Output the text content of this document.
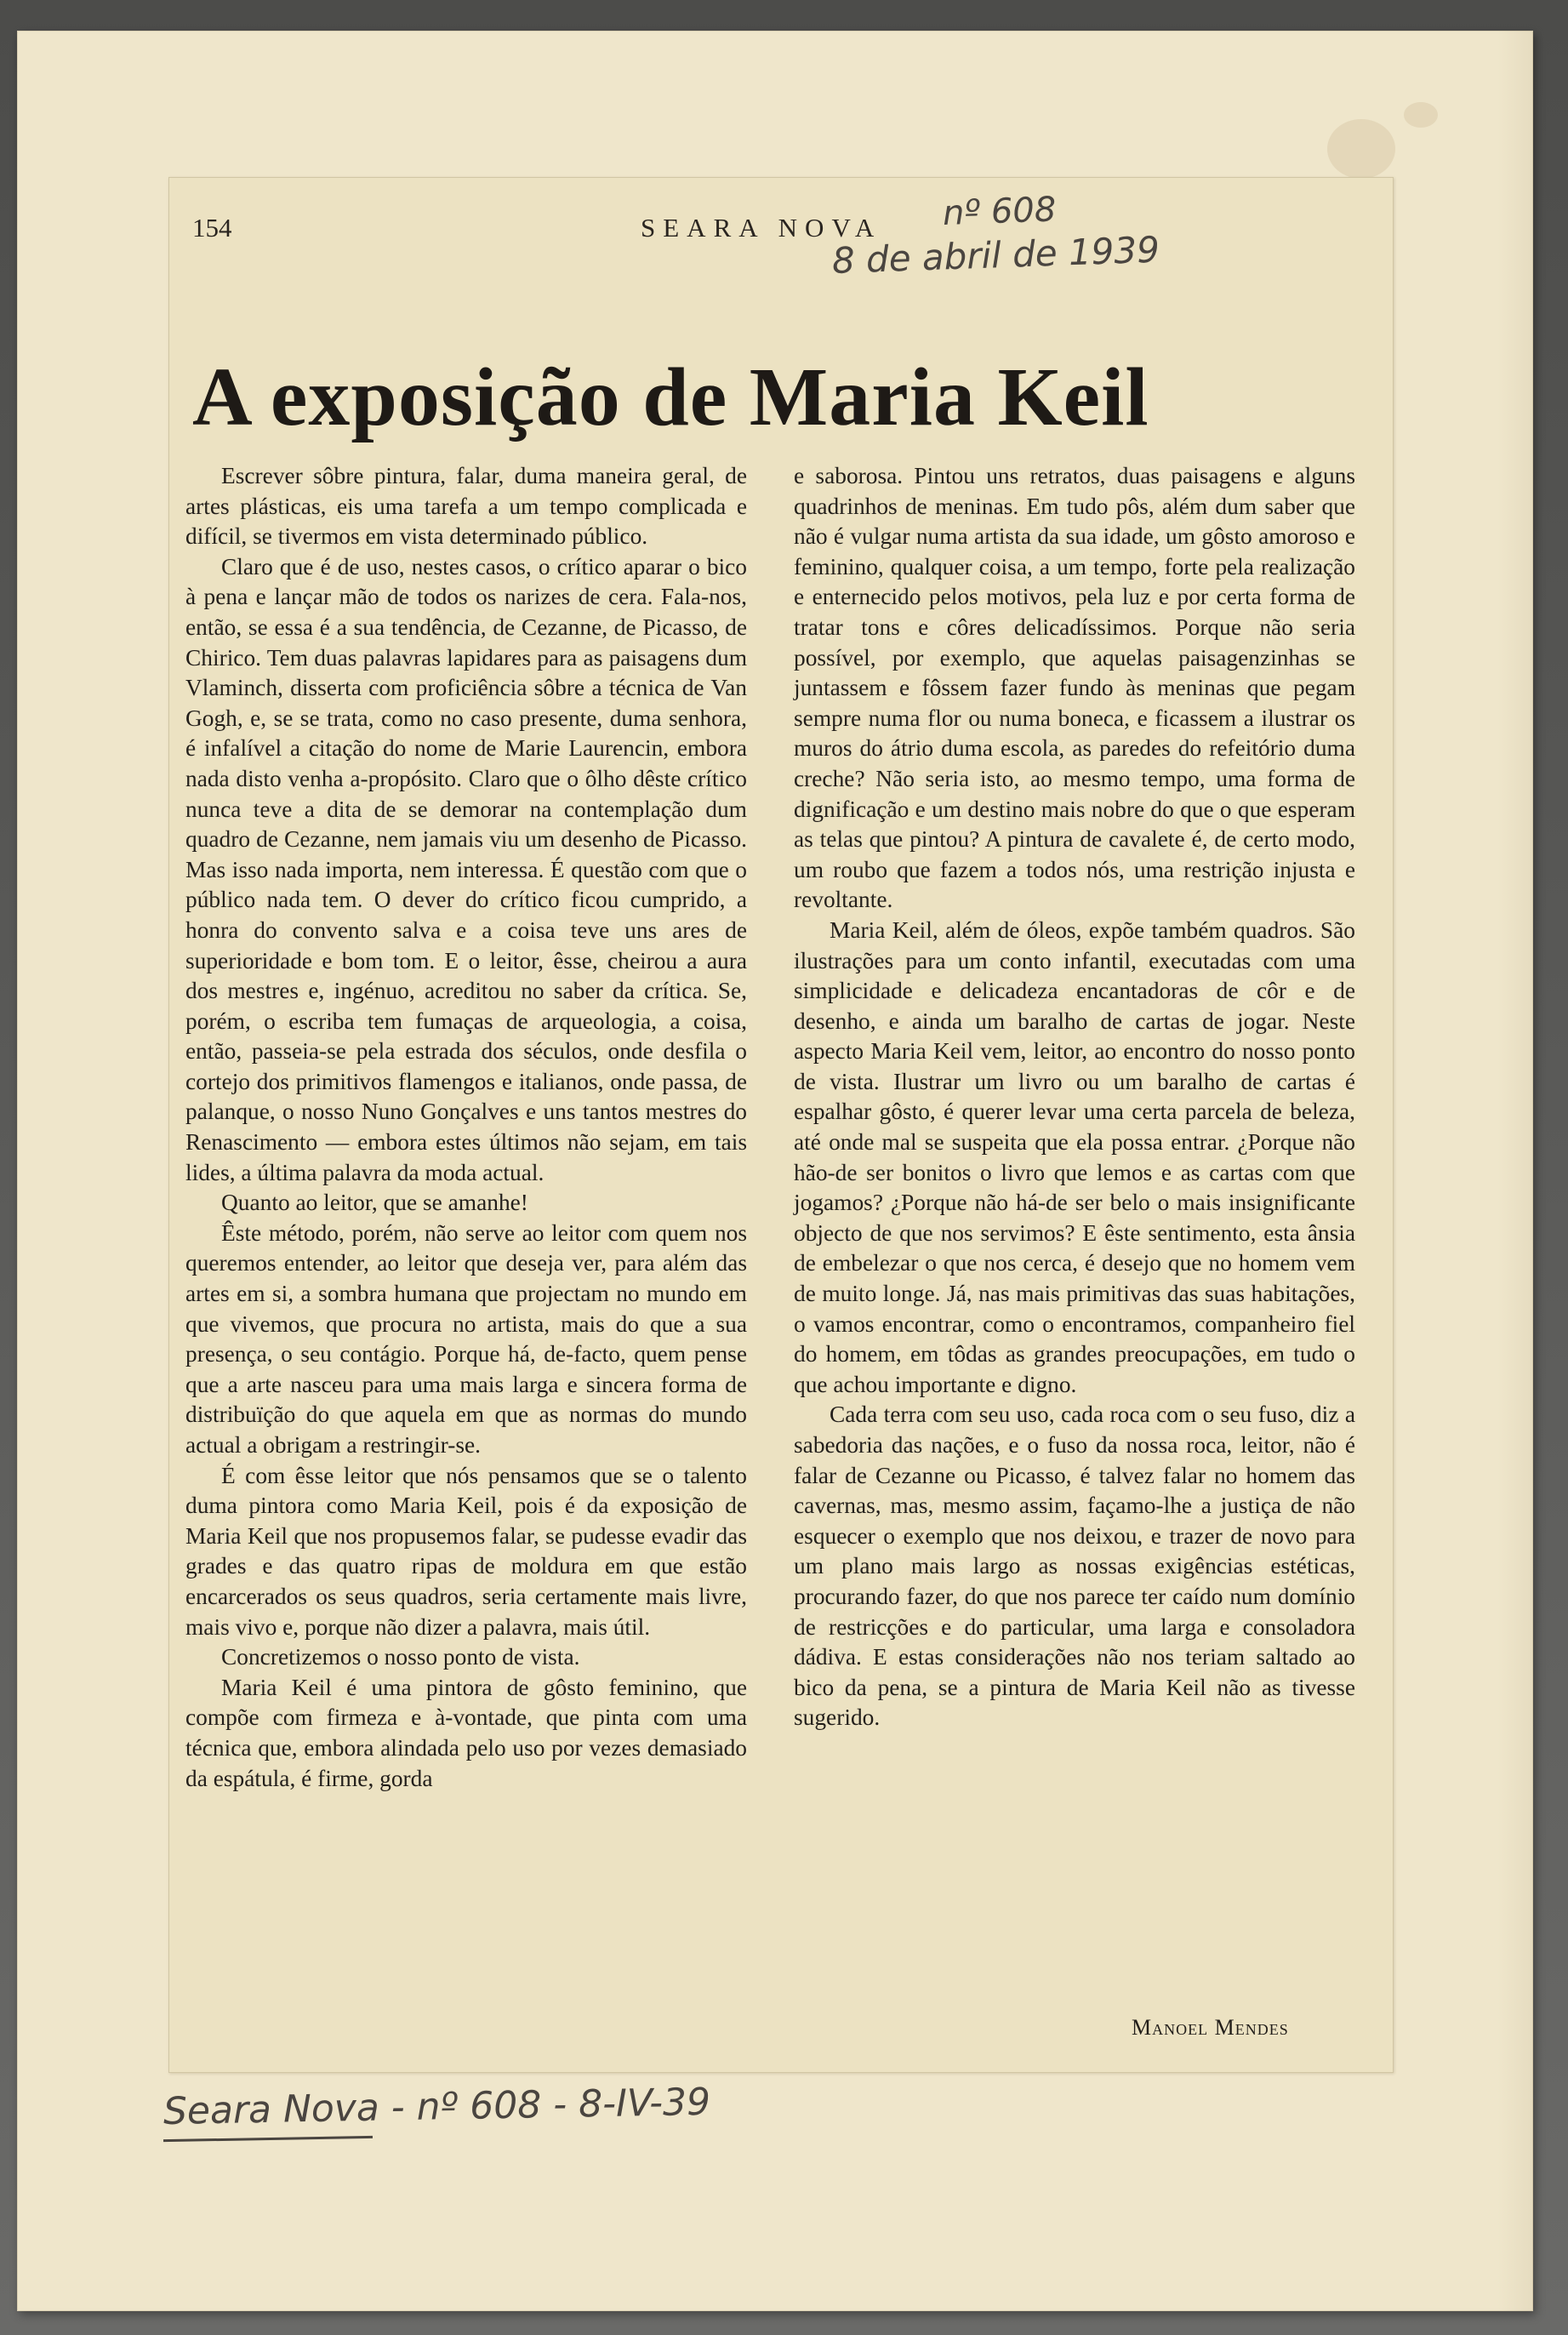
154	SEARA NOVA nº 608
8 de abril de 1939
A exposição de Maria Keil

Escrever sôbre pintura, falar, duma maneira geral, de artes plásticas, eis uma tarefa a um tempo complicada e difícil, se tivermos em vista determinado público.

Claro que é de uso, nestes casos, o crítico aparar o bico à pena e lançar mão de todos os narizes de cera. Fala-nos, então, se essa é a sua tendência, de Cezanne, de Picasso, de Chirico. Tem duas palavras lapidares para as paisagens dum Vlaminch, disserta com proficiência sôbre a técnica de Van Gogh, e, se se trata, como no caso presente, duma senhora, é infalível a citação do nome de Marie Laurencin, embora nada disto venha a-propósito. Claro que o ôlho dêste crítico nunca teve a dita de se demorar na contemplação dum quadro de Cezanne, nem jamais viu um desenho de Picasso. Mas isso nada importa, nem interessa. É questão com que o público nada tem. O dever do crítico ficou cumprido, a honra do convento salva e a coisa teve uns ares de superioridade e bom tom. E o leitor, êsse, cheirou a aura dos mestres e, ingénuo, acreditou no saber da crítica. Se, porém, o escriba tem fumaças de arqueologia, a coisa, então, passeia-se pela estrada dos séculos, onde desfila o cortejo dos primitivos flamengos e italianos, onde passa, de palanque, o nosso Nuno Gonçalves e uns tantos mestres do Renascimento — embora estes últimos não sejam, em tais lides, a última palavra da moda actual.

Quanto ao leitor, que se amanhe!

Êste método, porém, não serve ao leitor com quem nos queremos entender, ao leitor que deseja ver, para além das artes em si, a sombra humana que projectam no mundo em que vivemos, que procura no artista, mais do que a sua presença, o seu contágio. Porque há, de-facto, quem pense que a arte nasceu para uma mais larga e sincera forma de distribuïção do que aquela em que as normas do mundo actual a obrigam a restringir-se.

É com êsse leitor que nós pensamos que se o talento duma pintora como Maria Keil, pois é da exposição de Maria Keil que nos propusemos falar, se pudesse evadir das grades e das quatro ripas de moldura em que estão encarcerados os seus quadros, seria certamente mais livre, mais vivo e, porque não dizer a palavra, mais útil.

Concretizemos o nosso ponto de vista.

Maria Keil é uma pintora de gôsto feminino, que compõe com firmeza e à-vontade, que pinta com uma técnica que, embora alindada pelo uso por vezes demasiado da espátula, é firme, gorda

e saborosa. Pintou uns retratos, duas paisagens e alguns quadrinhos de meninas. Em tudo pôs, além dum saber que não é vulgar numa artista da sua idade, um gôsto amoroso e feminino, qualquer coisa, a um tempo, forte pela realização e enternecido pelos motivos, pela luz e por certa forma de tratar tons e côres delicadíssimos. Porque não seria possível, por exemplo, que aquelas paisagenzinhas se juntassem e fôssem fazer fundo às meninas que pegam sempre numa flor ou numa boneca, e ficassem a ilustrar os muros do átrio duma escola, as paredes do refeitório duma creche? Não seria isto, ao mesmo tempo, uma forma de dignificação e um destino mais nobre do que o que esperam as telas que pintou? A pintura de cavalete é, de certo modo, um roubo que fazem a todos nós, uma restrição injusta e revoltante.

Maria Keil, além de óleos, expõe também quadros. São ilustrações para um conto infantil, executadas com uma simplicidade e delicadeza encantadoras de côr e de desenho, e ainda um baralho de cartas de jogar. Neste aspecto Maria Keil vem, leitor, ao encontro do nosso ponto de vista. Ilustrar um livro ou um baralho de cartas é espalhar gôsto, é querer levar uma certa parcela de beleza, até onde mal se suspeita que ela possa entrar. ¿Porque não hão-de ser bonitos o livro que lemos e as cartas com que jogamos? ¿Porque não há-de ser belo o mais insignificante objecto de que nos servimos? E êste sentimento, esta ânsia de embelezar o que nos cerca, é desejo que no homem vem de muito longe. Já, nas mais primitivas das suas habitações, o vamos encontrar, como o encontramos, companheiro fiel do homem, em tôdas as grandes preocupações, em tudo o que achou importante e digno.

Cada terra com seu uso, cada roca com o seu fuso, diz a sabedoria das nações, e o fuso da nossa roca, leitor, não é falar de Cezanne ou Picasso, é talvez falar no homem das cavernas, mas, mesmo assim, façamo-lhe a justiça de não esquecer o exemplo que nos deixou, e trazer de novo para um plano mais largo as nossas exigências estéticas, procurando fazer, do que nos parece ter caído num domínio de restricções e do particular, uma larga e consoladora dádiva. E estas considerações não nos teriam saltado ao bico da pena, se a pintura de Maria Keil não as tivesse sugerido.

Manoel Mendes
Seara Nova - nº 608 - 8-IV-39
